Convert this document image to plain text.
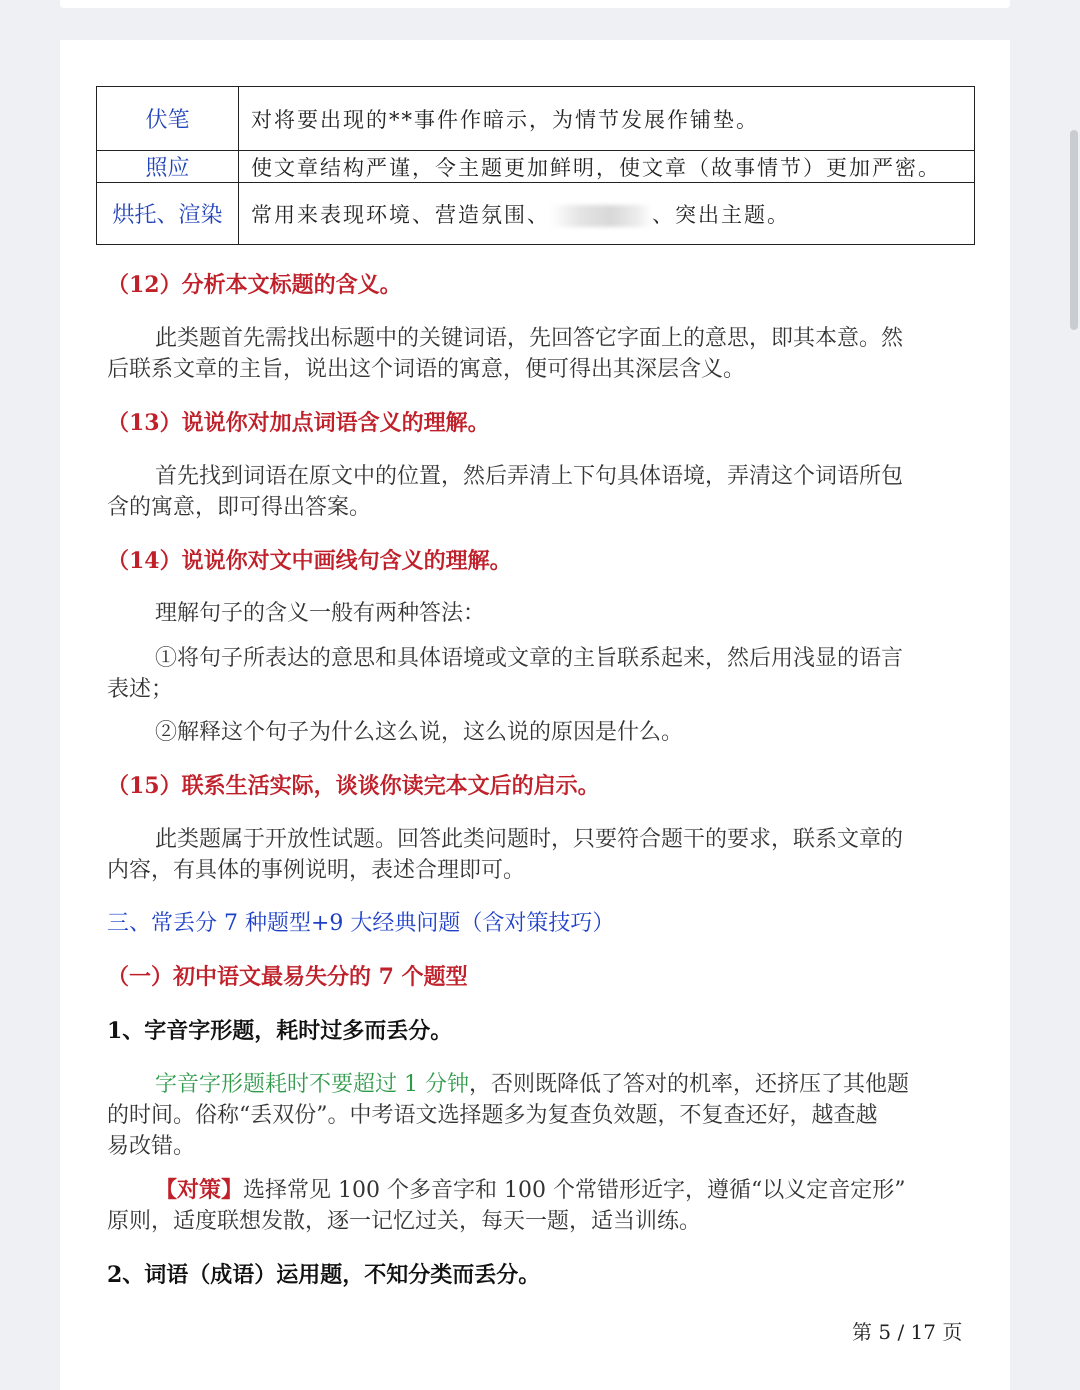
伏笔	对将要出现的**事件作暗示，为情节发展作铺垫。
照应	使文章结构严谨，令主题更加鲜明，使文章（故事情节）更加严密。
烘托、渲染	常用来表现环境、营造氛围、 、突出主题。
（12）分析本文标题的含义。
此类题首先需找出标题中的关键词语，先回答它字面上的意思，即其本意。然
后联系文章的主旨，说出这个词语的寓意，便可得出其深层含义。
（13）说说你对加点词语含义的理解。
首先找到词语在原文中的位置，然后弄清上下句具体语境，弄清这个词语所包
含的寓意，即可得出答案。
（14）说说你对文中画线句含义的理解。
理解句子的含义一般有两种答法：
①将句子所表达的意思和具体语境或文章的主旨联系起来，然后用浅显的语言
表述；
②解释这个句子为什么这么说，这么说的原因是什么。
（15）联系生活实际，谈谈你读完本文后的启示。
此类题属于开放性试题。回答此类问题时，只要符合题干的要求，联系文章的
内容，有具体的事例说明，表述合理即可。
三、常丢分 7 种题型+9 大经典问题（含对策技巧）
（一）初中语文最易失分的 7 个题型
1、字音字形题，耗时过多而丢分。
字音字形题耗时不要超过 1 分钟，否则既降低了答对的机率，还挤压了其他题
的时间。俗称“丢双份”。中考语文选择题多为复查负效题，不复查还好，越查越
易改错。
【对策】选择常见 100 个多音字和 100 个常错形近字，遵循“以义定音定形”
原则，适度联想发散，逐一记忆过关，每天一题，适当训练。
2、词语（成语）运用题，不知分类而丢分。
第 5 / 17 页
